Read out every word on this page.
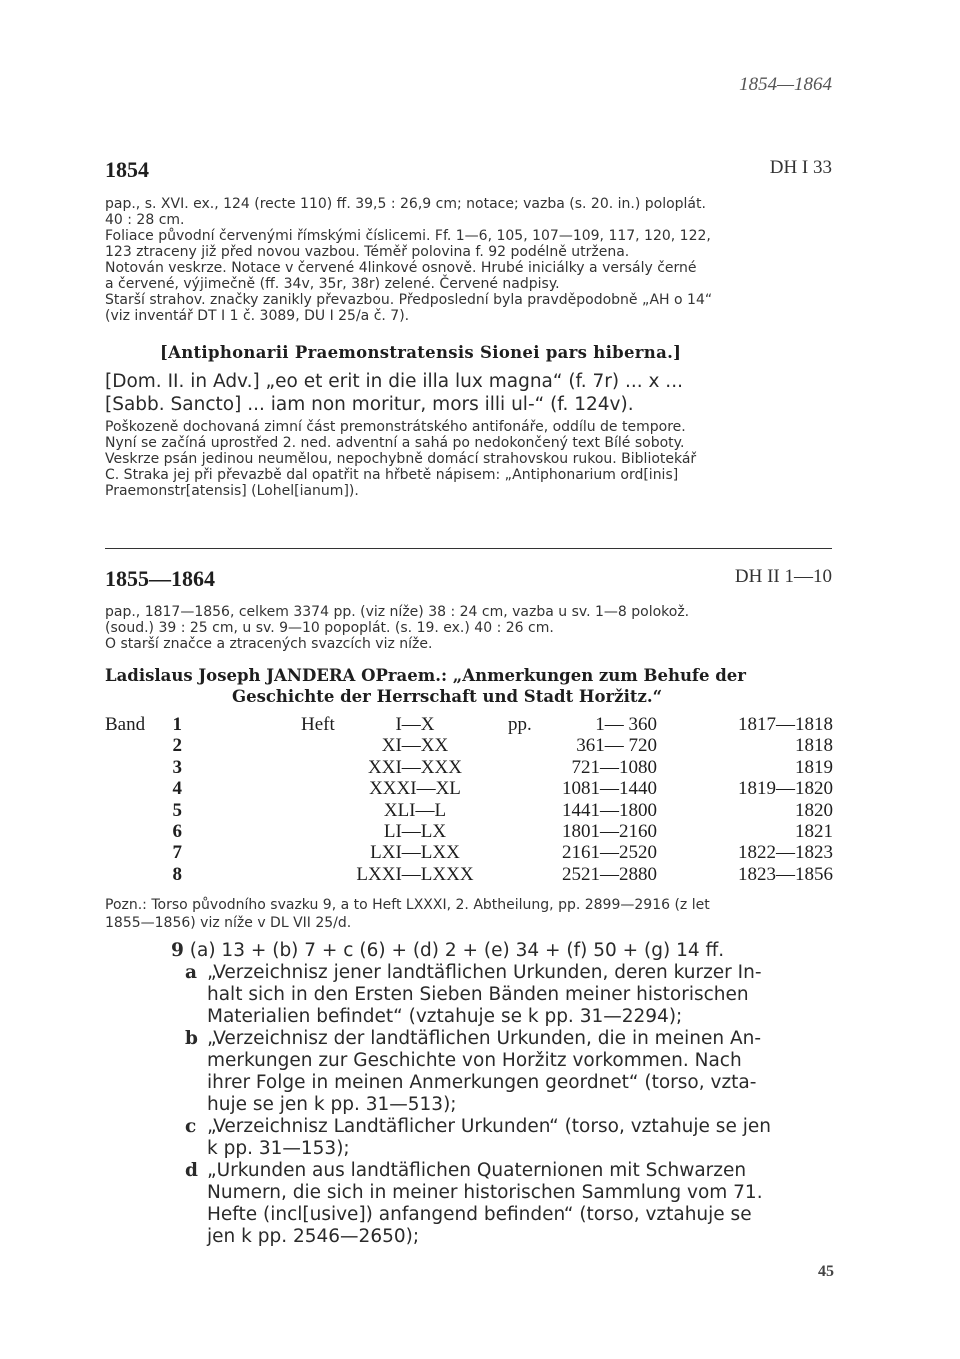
1854—1864
1854	DH I 33
pap., s. XVI. ex., 124 (recte 110) ff. 39,5 : 26,9 cm; notace; vazba (s. 20. in.) poloplát.
40 : 28 cm.
Foliace původní červenými římskými číslicemi. Ff. 1—6, 105, 107—109, 117, 120, 122,
123 ztraceny již před novou vazbou. Téměř polovina f. 92 podélně utržena.
Notován veskrze. Notace v červené 4linkové osnově. Hrubé iniciálky a versály černé
a červené, výjimečně (ff. 34v, 35r, 38r) zelené. Červené nadpisy.
Starší strahov. značky zanikly převazbou. Předposlední byla pravděpodobně „AH o 14“
(viz inventář DT I 1 č. 3089, DU I 25/a č. 7).
[Antiphonarii Praemonstratensis Sionei pars hiberna.]
[Dom. II. in Adv.] „eo et erit in die illa lux magna“ (f. 7r) ... x ...
[Sabb. Sancto] ... iam non moritur, mors illi ul-“ (f. 124v).
Poškozeně dochovaná zimní část premonstrátského antifonáře, oddílu de tempore.
Nyní se začíná uprostřed 2. ned. adventní a sahá po nedokončený text Bílé soboty.
Veskrze psán jedinou neumělou, nepochybně domácí strahovskou rukou. Bibliotekář
C. Straka jej při převazbě dal opatřit na hřbetě nápisem: „Antiphonarium ord[inis]
Praemonstr[atensis] (Lohel[ianum]).
1855—1864	DH II 1—10
pap., 1817—1856, celkem 3374 pp. (viz níže) 38 : 24 cm, vazba u sv. 1—8 polokož.
(soud.) 39 : 25 cm, u sv. 9—10 popoplát. (s. 19. ex.) 40 : 26 cm.
O starší značce a ztracených svazcích viz níže.
Ladislaus Joseph JANDERA OPraem.: „Anmerkungen zum Behufe der
Geschichte der Herrschaft und Stadt Horžitz.“
Band	1	Heft	I—X	pp.	1— 360	1817—1818
2	XI—XX	361— 720	1818
3	XXI—XXX	721—1080	1819
4	XXXI—XL	1081—1440	1819—1820
5	XLI—L	1441—1800	1820
6	LI—LX	1801—2160	1821
7	LXI—LXX	2161—2520	1822—1823
8	LXXI—LXXX	2521—2880	1823—1856
Pozn.: Torso původního svazku 9, a to Heft LXXXI, 2. Abtheilung, pp. 2899—2916 (z let
1855—1856) viz níže v DL VII 25/d.
9 (a) 13 + (b) 7 + c (6) + (d) 2 + (e) 34 + (f) 50 + (g) 14 ff.
a „Verzeichnisz jener landtäflichen Urkunden, deren kurzer In-
halt sich in den Ersten Sieben Bänden meiner historischen
Materialien befindet“ (vztahuje se k pp. 31—2294);
b „Verzeichnisz der landtäflichen Urkunden, die in meinen An-
merkungen zur Geschichte von Horžitz vorkommen. Nach
ihrer Folge in meinen Anmerkungen geordnet“ (torso, vzta-
huje se jen k pp. 31—513);
c „Verzeichnisz Landtäflicher Urkunden“ (torso, vztahuje se jen
k pp. 31—153);
d „Urkunden aus landtäflichen Quaternionen mit Schwarzen
Numern, die sich in meiner historischen Sammlung vom 71.
Hefte (incl[usive]) anfangend befinden“ (torso, vztahuje se
jen k pp. 2546—2650);
45
